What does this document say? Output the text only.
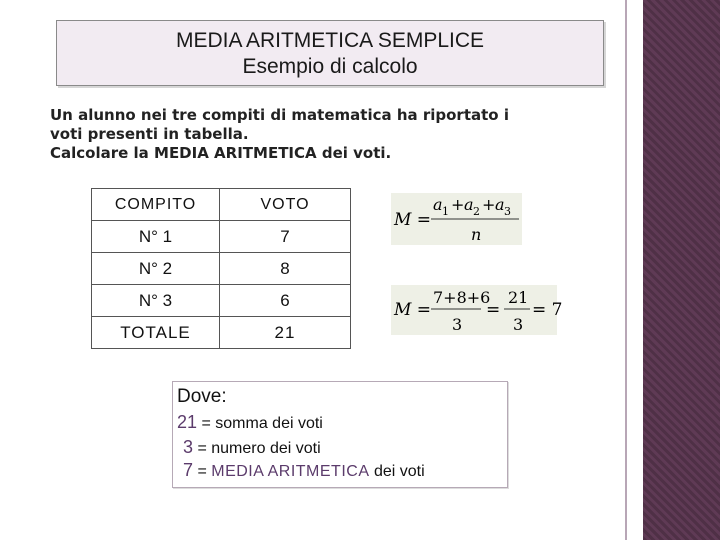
MEDIA ARITMETICA SEMPLICE
Esempio di calcolo
Un alunno nei tre compiti di matematica ha riportato i
voti presenti in tabella.
Calcolare la MEDIA ARITMETICA dei voti.
COMPITO	VOTO
N° 1	7
N° 2	8
N° 3	6
TOTALE	21
M =
a 1 + a 2 + a 3
n
M =
7+8+6
3
=
21
3
= 7
Dove:
21 = somma dei voti
3 = numero dei voti
7 = MEDIA ARITMETICA dei voti
